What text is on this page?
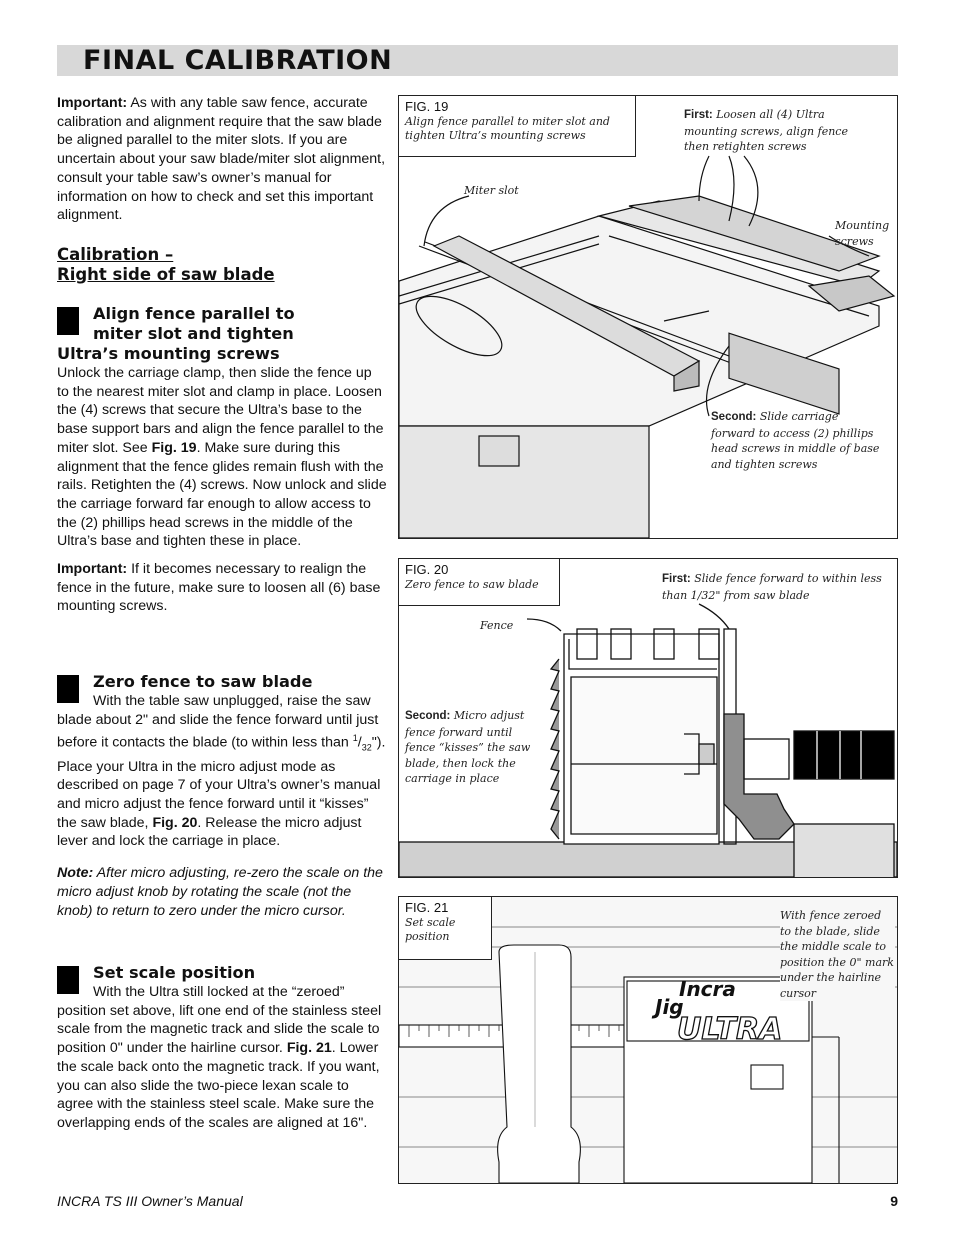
FINAL CALIBRATION

Important: As with any table saw fence, accurate calibration and alignment require that the saw blade be aligned parallel to the miter slots. If you are uncertain about your saw blade/miter slot alignment, consult your table saw’s owner’s manual for information on how to check and set this important alignment.

Calibration –

Right side of saw blade

Align fence parallel to
miter slot and tighten
Ultra’s mounting screws
Unlock the carriage clamp, then slide the fence up to the nearest miter slot and clamp in place. Loosen the (4) screws that secure the Ultra’s base to the base support bars and align the fence parallel to the miter slot. See Fig. 19. Make sure during this alignment that the fence glides remain flush with the rails. Retighten the (4) screws. Now unlock and slide the carriage forward far enough to allow access to the (2) phillips head screws in the middle of the Ultra’s base and tighten these in place.
Important: If it becomes necessary to realign the fence in the future, make sure to loosen all (6) base mounting screws.
Zero fence to saw blade
With the table saw unplugged, raise the saw blade about 2" and slide the fence forward until just before it contacts the blade (to within less than $^1/_{32}$"). Place your Ultra in the micro adjust mode as described on page 7 of your Ultra’s owner’s manual and micro adjust the fence forward until it “kisses” the saw blade, Fig. 20. Release the micro adjust lever and lock the carriage in place.
Note: After micro adjusting, re-zero the scale on the micro adjust knob by rotating the scale (not the knob) to return to zero under the micro cursor.
Set scale position
With the Ultra still locked at the “zeroed” position set above, lift one end of the stainless steel scale from the magnetic track and slide the scale to position 0" under the hairline cursor. Fig. 21. Lower the scale back onto the magnetic track. If you want, you can also slide the two-piece lexan scale to agree with the stainless steel scale. Make sure the overlapping ends of the scales are aligned at 16".
FIG. 19
Align fence parallel to miter slot and tighten Ultra’s mounting screws
First: Loosen all (4) Ultra mounting screws, align fence then retighten screws
Miter slot
Mounting screws
Second: Slide carriage forward to access (2) phillips head screws in middle of base and tighten screws
FIG. 20
Zero fence to saw blade	First: Slide fence forward to within less than 1/32" from saw blade
Fence
Second: Micro adjust fence forward until fence “kisses” the saw blade, then lock the carriage in place
FIG. 21
Set scale position
With fence zeroed to the blade, slide the middle scale to position the 0" mark under the hairline cursor
Incra
Jig
ULTRA
INCRA TS III Owner’s Manual	9
